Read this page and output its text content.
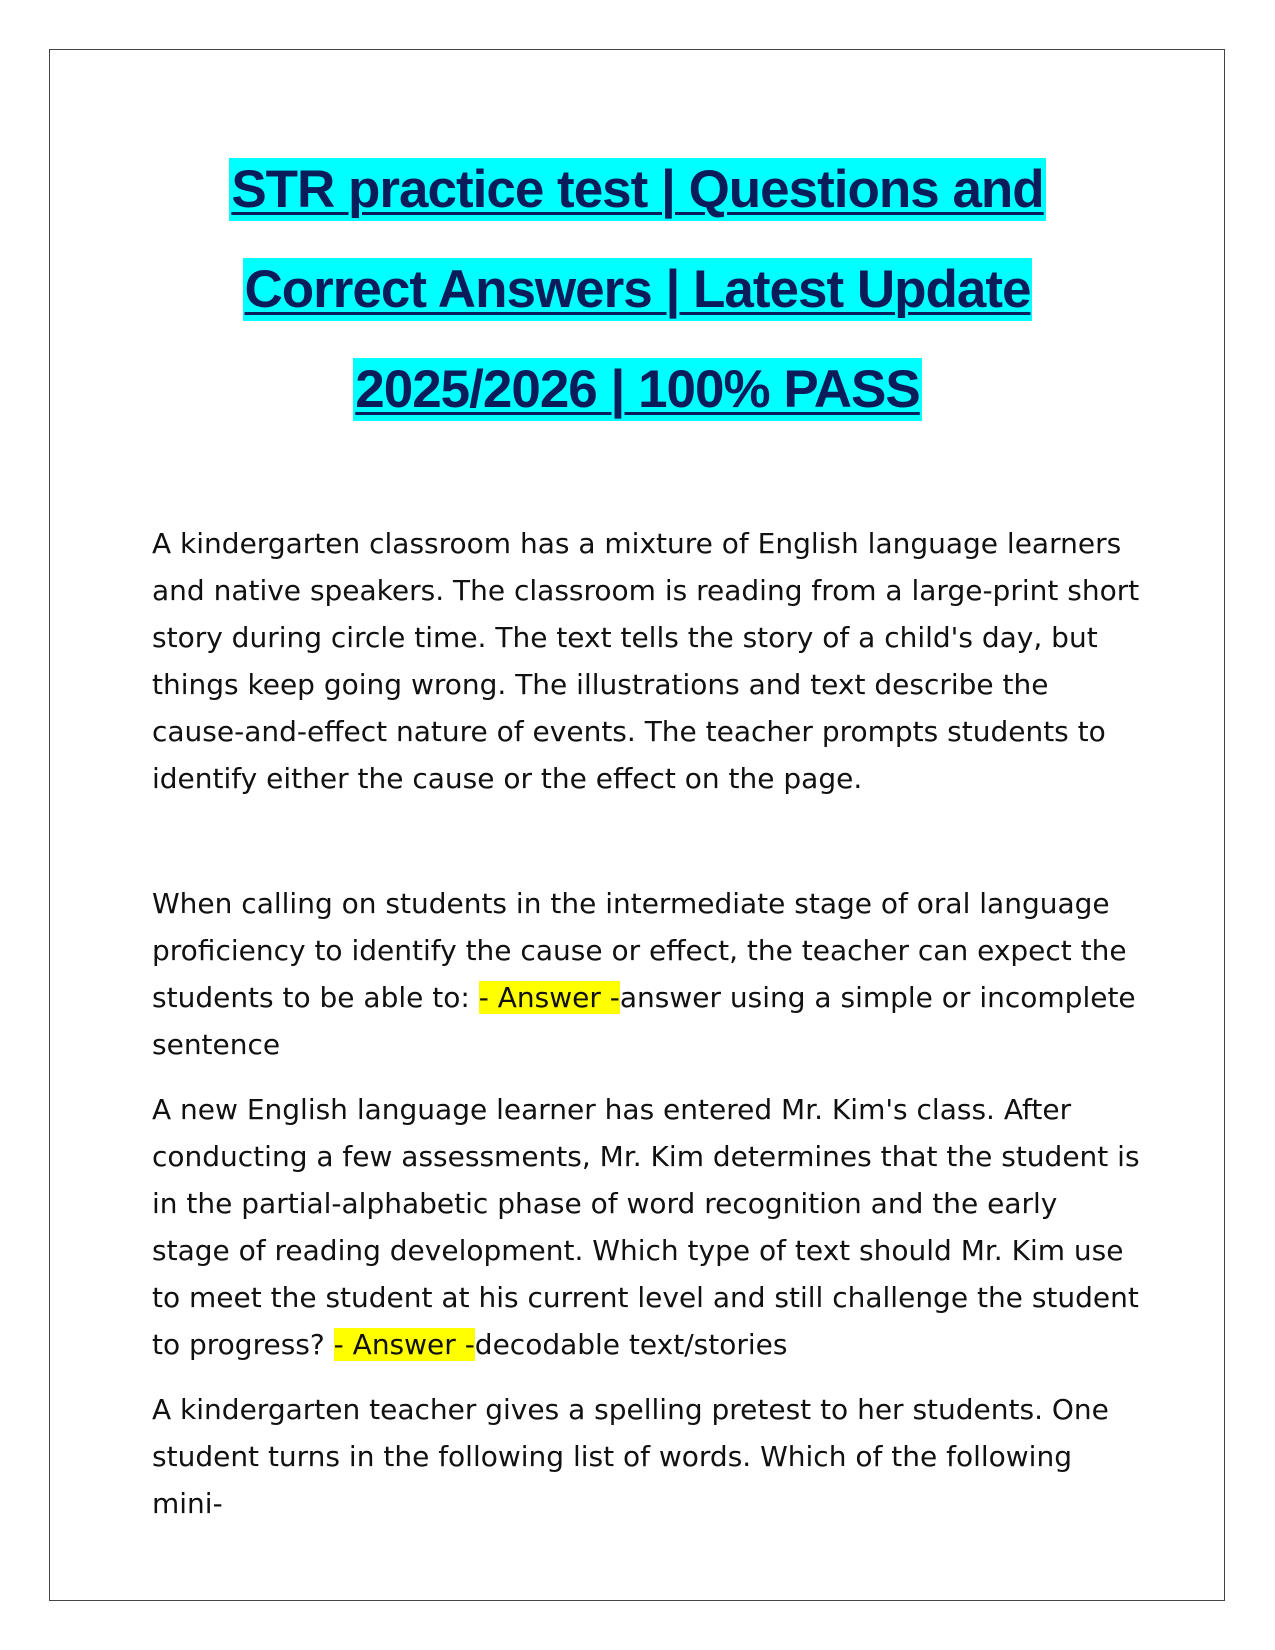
STR practice test | Questions and
Correct Answers | Latest Update
2025/2026 | 100% PASS

A kindergarten classroom has a mixture of English language learners and native speakers. The classroom is reading from a large-print short story during circle time. The text tells the story of a child's day, but things keep going wrong. The illustrations and text describe the cause-and-effect nature of events. The teacher prompts students to identify either the cause or the effect on the page.

When calling on students in the intermediate stage of oral language proficiency to identify the cause or effect, the teacher can expect the students to be able to: - Answer -answer using a simple or incomplete sentence

A new English language learner has entered Mr. Kim's class. After conducting a few assessments, Mr. Kim determines that the student is in the partial-alphabetic phase of word recognition and the early stage of reading development. Which type of text should Mr. Kim use to meet the student at his current level and still challenge the student to progress? - Answer -decodable text/stories

A kindergarten teacher gives a spelling pretest to her students. One student turns in the following list of words. Which of the following mini-
